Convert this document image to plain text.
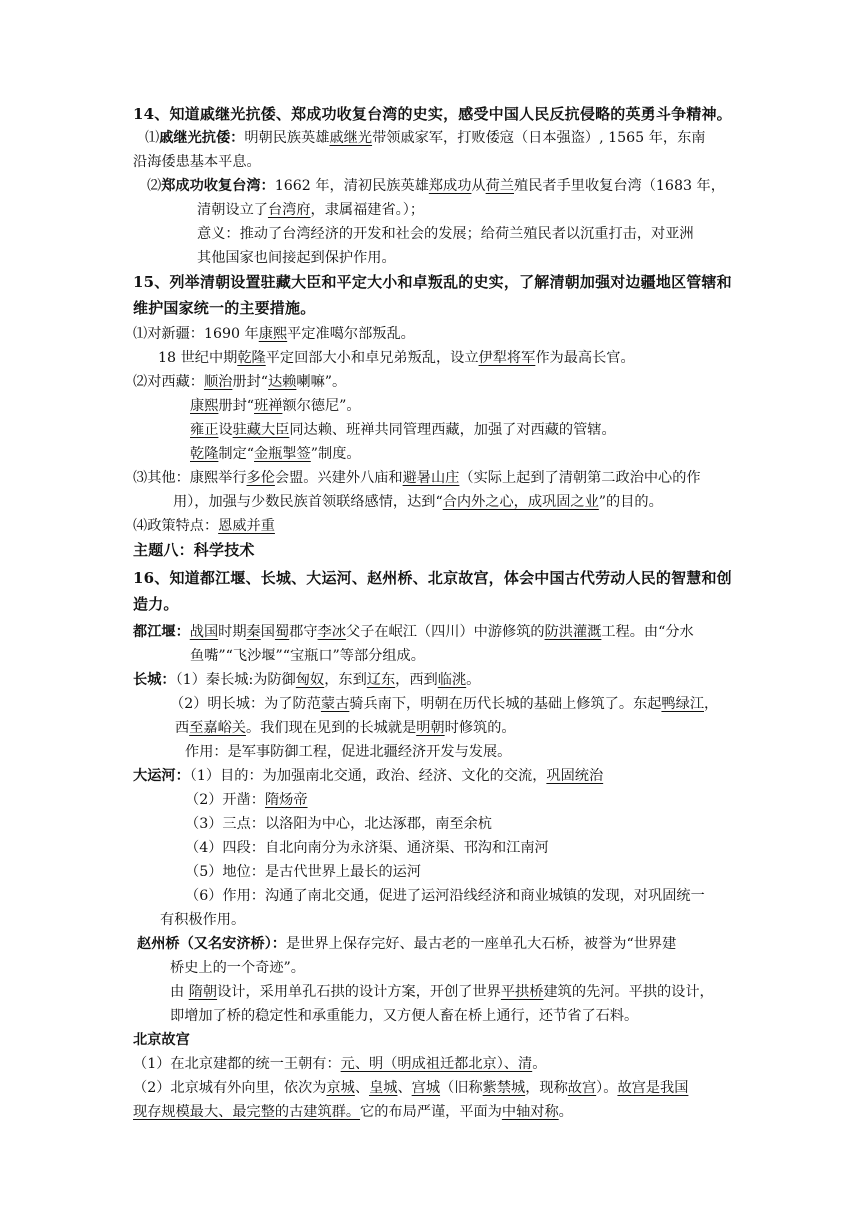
14、知道戚继光抗倭、郑成功收复台湾的史实，感受中国人民反抗侵略的英勇斗争精神。
⑴戚继光抗倭：明朝民族英雄戚继光带领戚家军，打败倭寇（日本强盗）, 1565 年，东南
沿海倭患基本平息。
⑵郑成功收复台湾：1662 年，清初民族英雄郑成功从荷兰殖民者手里收复台湾（1683 年，
清朝设立了台湾府，隶属福建省。）；
意义：推动了台湾经济的开发和社会的发展；给荷兰殖民者以沉重打击，对亚洲
其他国家也间接起到保护作用。
15、列举清朝设置驻藏大臣和平定大小和卓叛乱的史实，了解清朝加强对边疆地区管辖和
维护国家统一的主要措施。
⑴对新疆：1690 年康熙平定准噶尔部叛乱。
18 世纪中期乾隆平定回部大小和卓兄弟叛乱，设立伊犁将军作为最高长官。
⑵对西藏：顺治册封“达赖喇嘛”。
康熙册封“班禅额尔德尼”。
雍正设驻藏大臣同达赖、班禅共同管理西藏，加强了对西藏的管辖。
乾隆制定“金瓶掣签”制度。
⑶其他：康熙举行多伦会盟。兴建外八庙和避暑山庄（实际上起到了清朝第二政治中心的作
用），加强与少数民族首领联络感情，达到“合内外之心，成巩固之业”的目的。
⑷政策特点：恩威并重
主题八：科学技术
16、知道都江堰、长城、大运河、赵州桥、北京故宫，体会中国古代劳动人民的智慧和创
造力。
都江堰：战国时期秦国蜀郡守李冰父子在岷江（四川）中游修筑的防洪灌溉工程。由“分水
鱼嘴”“飞沙堰”“宝瓶口”等部分组成。
长城：（1）秦长城:为防御匈奴，东到辽东，西到临洮。
（2）明长城：为了防范蒙古骑兵南下，明朝在历代长城的基础上修筑了。东起鸭绿江，
西至嘉峪关。我们现在见到的长城就是明朝时修筑的。
作用：是军事防御工程，促进北疆经济开发与发展。
大运河：（1）目的：为加强南北交通，政治、经济、文化的交流，巩固统治
（2）开凿：隋炀帝
（3）三点：以洛阳为中心，北达涿郡，南至余杭
（4）四段：自北向南分为永济渠、通济渠、邗沟和江南河
（5）地位：是古代世界上最长的运河
（6）作用：沟通了南北交通，促进了运河沿线经济和商业城镇的发现，对巩固统一
有积极作用。
赵州桥（又名安济桥）：是世界上保存完好、最古老的一座单孔大石桥，被誉为“世界建
桥史上的一个奇迹”。
由 隋朝设计，采用单孔石拱的设计方案，开创了世界平拱桥建筑的先河。平拱的设计，
即增加了桥的稳定性和承重能力，又方便人畜在桥上通行，还节省了石料。
北京故宫
（1）在北京建都的统一王朝有：元、明（明成祖迁都北京）、清。
（2）北京城有外向里，依次为京城、皇城、宫城（旧称紫禁城，现称故宫）。故宫是我国
现存规模最大、最完整的古建筑群。它的布局严谨，平面为中轴对称。
